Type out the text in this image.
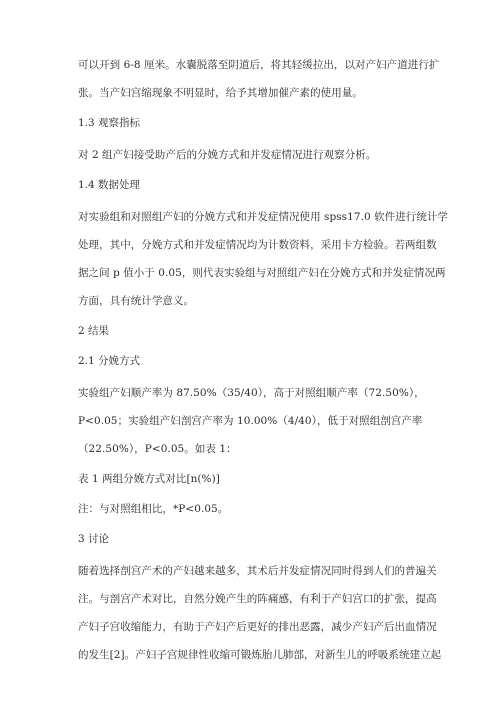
可以开到 6-8 厘米。水囊脱落至阴道后，将其轻缓拉出，以对产妇产道进行扩
张。当产妇宫缩现象不明显时，给予其增加催产素的使用量。
1.3 观察指标
对 2 组产妇接受助产后的分娩方式和并发症情况进行观察分析。
1.4 数据处理
对实验组和对照组产妇的分娩方式和并发症情况使用 spss17.0 软件进行统计学
处理，其中，分娩方式和并发症情况均为计数资料，采用卡方检验。若两组数
据之间 p 值小于 0.05，则代表实验组与对照组产妇在分娩方式和并发症情况两
方面，具有统计学意义。
2 结果
2.1 分娩方式
实验组产妇顺产率为 87.50%（35/40），高于对照组顺产率（72.50%），
P<0.05；实验组产妇剖宫产率为 10.00%（4/40），低于对照组剖宫产率
（22.50%），P<0.05。如表 1：
表 1 两组分娩方式对比[n(%)]
注：与对照组相比，*P<0.05。
3 讨论
随着选择剖宫产术的产妇越来越多，其术后并发症情况同时得到人们的普遍关
注。与剖宫产术对比，自然分娩产生的阵痛感，有利于产妇宫口的扩张，提高
产妇子宫收缩能力，有助于产妇产后更好的排出恶露，减少产妇产后出血情况
的发生[2]。产妇子宫规律性收缩可锻炼胎儿肺部，对新生儿的呼吸系统建立起
